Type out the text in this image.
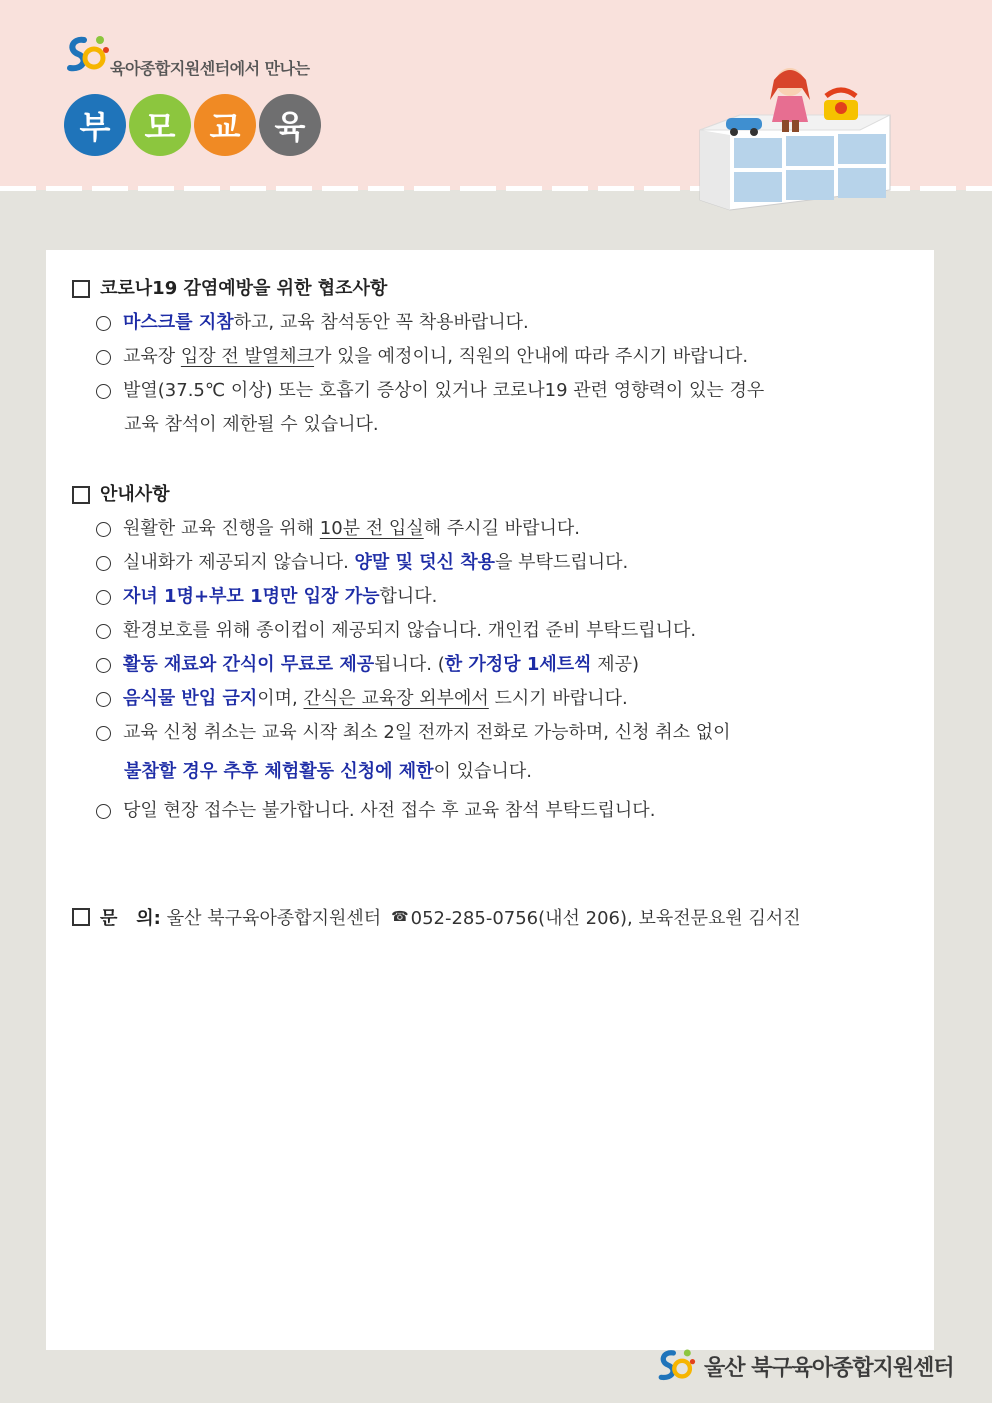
육아종합지원센터에서 만나는
부	모	교	육
코로나19 감염예방을 위한 협조사항
마스크를 지참하고, 교육 참석동안 꼭 착용바랍니다.
교육장 입장 전 발열체크가 있을 예정이니, 직원의 안내에 따라 주시기 바랍니다.
발열(37.5℃ 이상) 또는 호흡기 증상이 있거나 코로나19 관련 영향력이 있는 경우
교육 참석이 제한될 수 있습니다.
안내사항
원활한 교육 진행을 위해 10분 전 입실해 주시길 바랍니다.
실내화가 제공되지 않습니다. 양말 및 덧신 착용을 부탁드립니다.
자녀 1명+부모 1명만 입장 가능합니다.
환경보호를 위해 종이컵이 제공되지 않습니다. 개인컵 준비 부탁드립니다.
활동 재료와 간식이 무료로 제공됩니다. (한 가정당 1세트씩 제공)
음식물 반입 금지이며, 간식은 교육장 외부에서 드시기 바랍니다.
교육 신청 취소는 교육 시작 최소 2일 전까지 전화로 가능하며, 신청 취소 없이
불참할 경우 추후 체험활동 신청에 제한이 있습니다.
당일 현장 접수는 불가합니다. 사전 접수 후 교육 참석 부탁드립니다.
문   의: 울산 북구육아종합지원센터 ☎ 052-285-0756(내선 206), 보육전문요원 김서진
울산 북구육아종합지원센터
